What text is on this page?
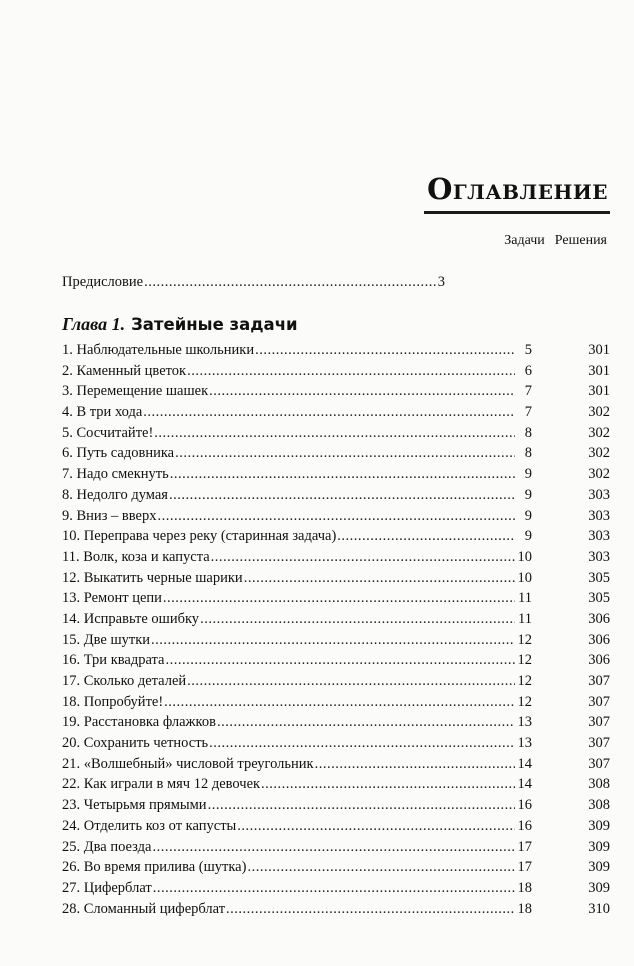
Оглавление
Задачи Решения
Предисловие .....	3
Глава 1. Затейные задачи
1. Наблюдательные школьники .....	5	301
2. Каменный цветок .....	6	301
3. Перемещение шашек .....	7	301
4. В три хода .....	7	302
5. Сосчитайте! .....	8	302
6. Путь садовника .....	8	302
7. Надо смекнуть .....	9	302
8. Недолго думая .....	9	303
9. Вниз – вверх .....	9	303
10. Переправа через реку (старинная задача) .....	9	303
11. Волк, коза и капуста .....	10	303
12. Выкатить черные шарики .....	10	305
13. Ремонт цепи .....	11	305
14. Исправьте ошибку .....	11	306
15. Две шутки .....	12	306
16. Три квадрата .....	12	306
17. Сколько деталей .....	12	307
18. Попробуйте! .....	12	307
19. Расстановка флажков .....	13	307
20. Сохранить четность .....	13	307
21. «Волшебный» числовой треугольник .....	14	307
22. Как играли в мяч 12 девочек .....	14	308
23. Четырьмя прямыми .....	16	308
24. Отделить коз от капусты .....	16	309
25. Два поезда .....	17	309
26. Во время прилива (шутка) .....	17	309
27. Циферблат .....	18	309
28. Сломанный циферблат .....	18	310
